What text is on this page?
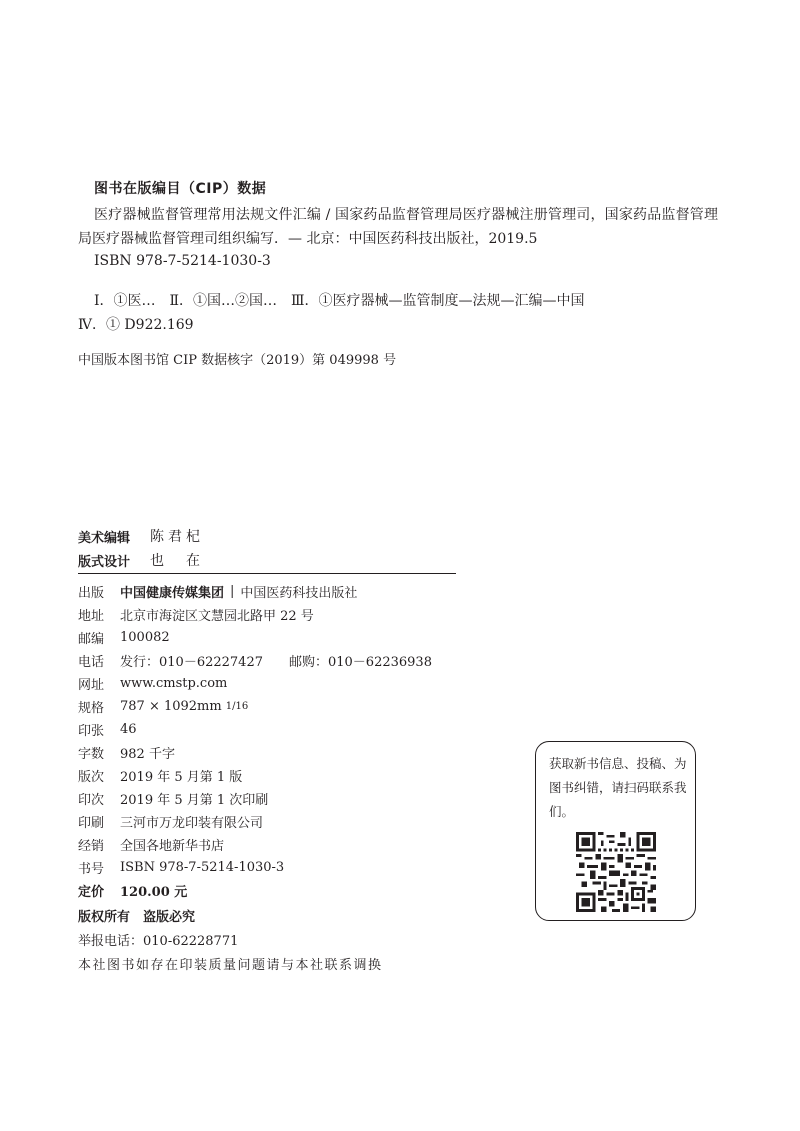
图书在版编目（CIP）数据

医疗器械监督管理常用法规文件汇编 / 国家药品监督管理局医疗器械注册管理司，国家药品监督管理局医疗器械监督管理司组织编写．— 北京：中国医药科技出版社，2019.5

ISBN 978-7-5214-1030-3
Ⅰ．①医…　Ⅱ．①国…②国…　Ⅲ．①医疗器械—监管制度—法规—汇编—中国
Ⅳ．① D922.169
中国版本图书馆 CIP 数据核字（2019）第 049998 号
美术编辑	陈君杞
版式设计	也　在
出版	中国健康传媒集团 | 中国医药科技出版社
地址	北京市海淀区文慧园北路甲 22 号
邮编	100082
电话	发行：010－62227427　　邮购：010－62236938
网址	www.cmstp.com
规格	787 × 1092mm 1/16
印张	46
字数	982 千字
版次	2019 年 5 月第 1 版
印次	2019 年 5 月第 1 次印刷
印刷	三河市万龙印装有限公司
经销	全国各地新华书店
书号	ISBN 978-7-5214-1030-3
定价	120.00 元
版权所有　盗版必究
举报电话：010-62228771
本社图书如存在印装质量问题请与本社联系调换
获取新书信息、投稿、为图书纠错，请扫码联系我们。
